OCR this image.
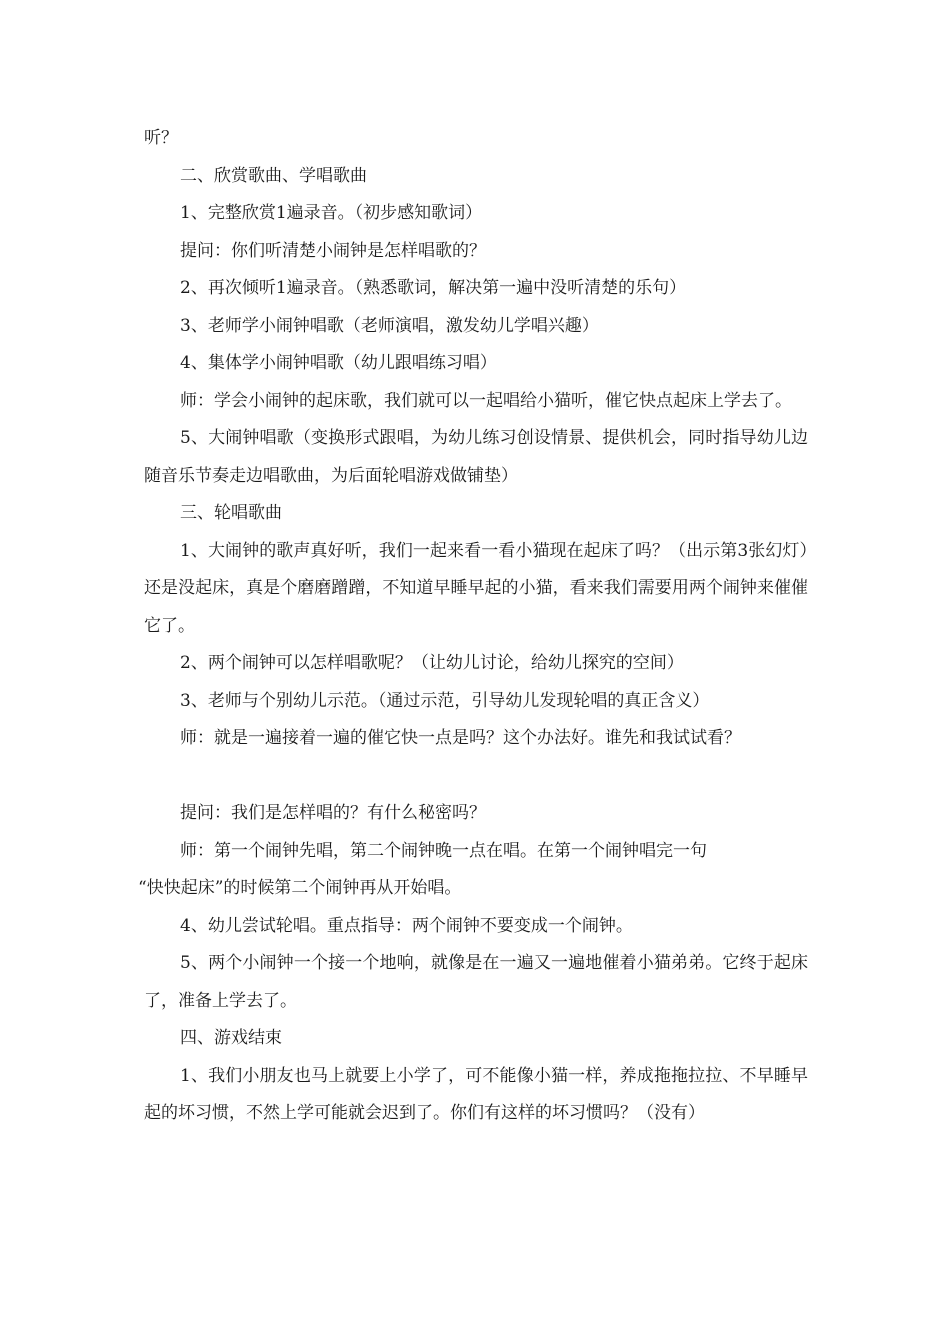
听？

二、欣赏歌曲、学唱歌曲

1、完整欣赏1遍录音。（初步感知歌词）

提问：你们听清楚小闹钟是怎样唱歌的？

2、再次倾听1遍录音。（熟悉歌词，解决第一遍中没听清楚的乐句）

3、老师学小闹钟唱歌（老师演唱，激发幼儿学唱兴趣）

4、集体学小闹钟唱歌（幼儿跟唱练习唱）

师：学会小闹钟的起床歌，我们就可以一起唱给小猫听，催它快点起床上学去了。

5、大闹钟唱歌（变换形式跟唱，为幼儿练习创设情景、提供机会，同时指导幼儿边随音乐节奏走边唱歌曲，为后面轮唱游戏做铺垫）

三、轮唱歌曲

1、大闹钟的歌声真好听，我们一起来看一看小猫现在起床了吗？（出示第3张幻灯）还是没起床，真是个磨磨蹭蹭，不知道早睡早起的小猫，看来我们需要用两个闹钟来催催它了。

2、两个闹钟可以怎样唱歌呢？（让幼儿讨论，给幼儿探究的空间）

3、老师与个别幼儿示范。（通过示范，引导幼儿发现轮唱的真正含义）

师：就是一遍接着一遍的催它快一点是吗？这个办法好。谁先和我试试看？

提问：我们是怎样唱的？有什么秘密吗？

师：第一个闹钟先唱，第二个闹钟晚一点在唱。在第一个闹钟唱完一句

“快快起床”的时候第二个闹钟再从开始唱。

4、幼儿尝试轮唱。重点指导：两个闹钟不要变成一个闹钟。

5、两个小闹钟一个接一个地响，就像是在一遍又一遍地催着小猫弟弟。它终于起床了，准备上学去了。

四、游戏结束

1、我们小朋友也马上就要上小学了，可不能像小猫一样，养成拖拖拉拉、不早睡早起的坏习惯，不然上学可能就会迟到了。你们有这样的坏习惯吗？（没有）
